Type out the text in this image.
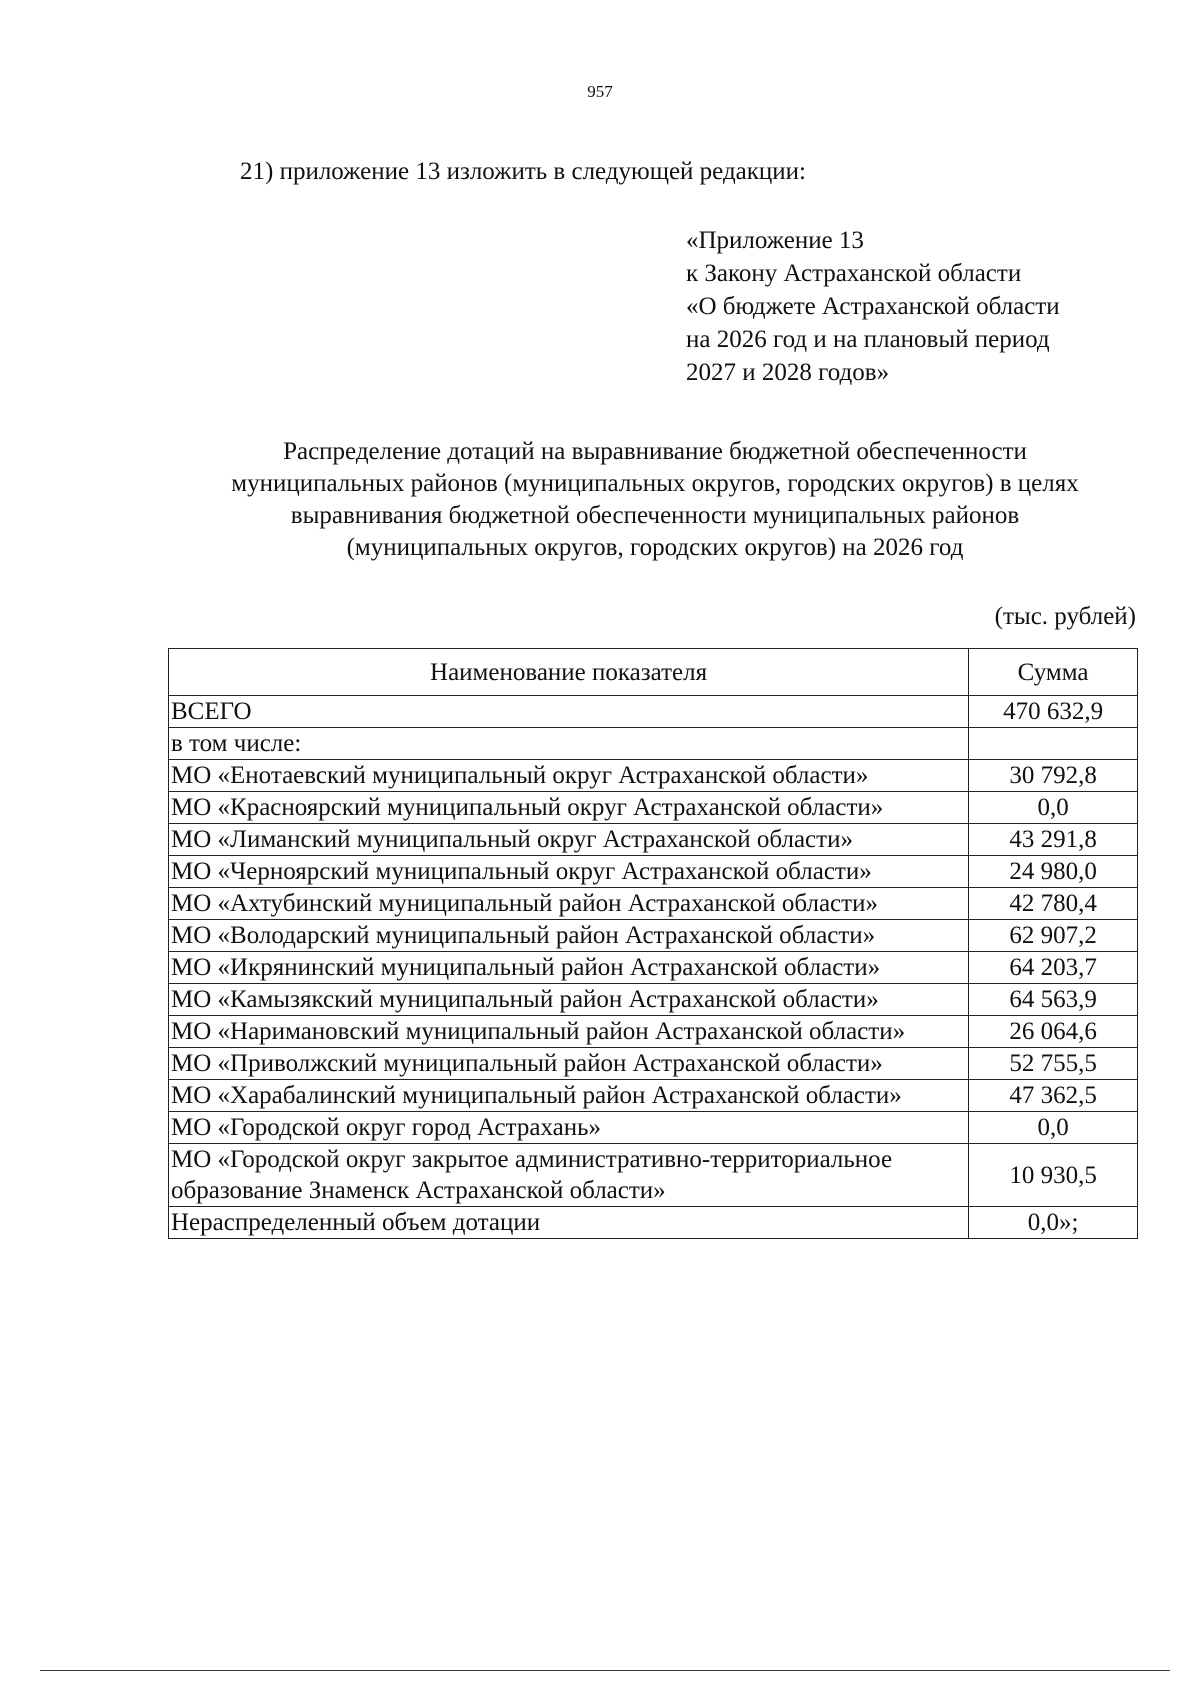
957
21) приложение 13 изложить в следующей редакции:
«Приложение 13
к Закону Астраханской области
«О бюджете Астраханской области
на 2026 год и на плановый период
2027 и 2028 годов»
Распределение дотаций на выравнивание бюджетной обеспеченности
муниципальных районов (муниципальных округов, городских округов) в целях
выравнивания бюджетной обеспеченности муниципальных районов
(муниципальных округов, городских округов) на 2026 год
(тыс. рублей)
Наименование показателя	Сумма
ВСЕГО	470 632,9
в том числе:	
МО «Енотаевский муниципальный округ Астраханской области»	30 792,8
МО «Красноярский муниципальный округ Астраханской области»	0,0
МО «Лиманский муниципальный округ Астраханской области»	43 291,8
МО «Черноярский муниципальный округ Астраханской области»	24 980,0
МО «Ахтубинский муниципальный район Астраханской области»	42 780,4
МО «Володарский муниципальный район Астраханской области»	62 907,2
МО «Икрянинский муниципальный район Астраханской области»	64 203,7
МО «Камызякский муниципальный район Астраханской области»	64 563,9
МО «Наримановский муниципальный район Астраханской области»	26 064,6
МО «Приволжский муниципальный район Астраханской области»	52 755,5
МО «Харабалинский муниципальный район Астраханской области»	47 362,5
МО «Городской округ город Астрахань»	0,0
МО «Городской округ закрытое административно-территориальное образование Знаменск Астраханской области»	10 930,5
Нераспределенный объем дотации	0,0»;
